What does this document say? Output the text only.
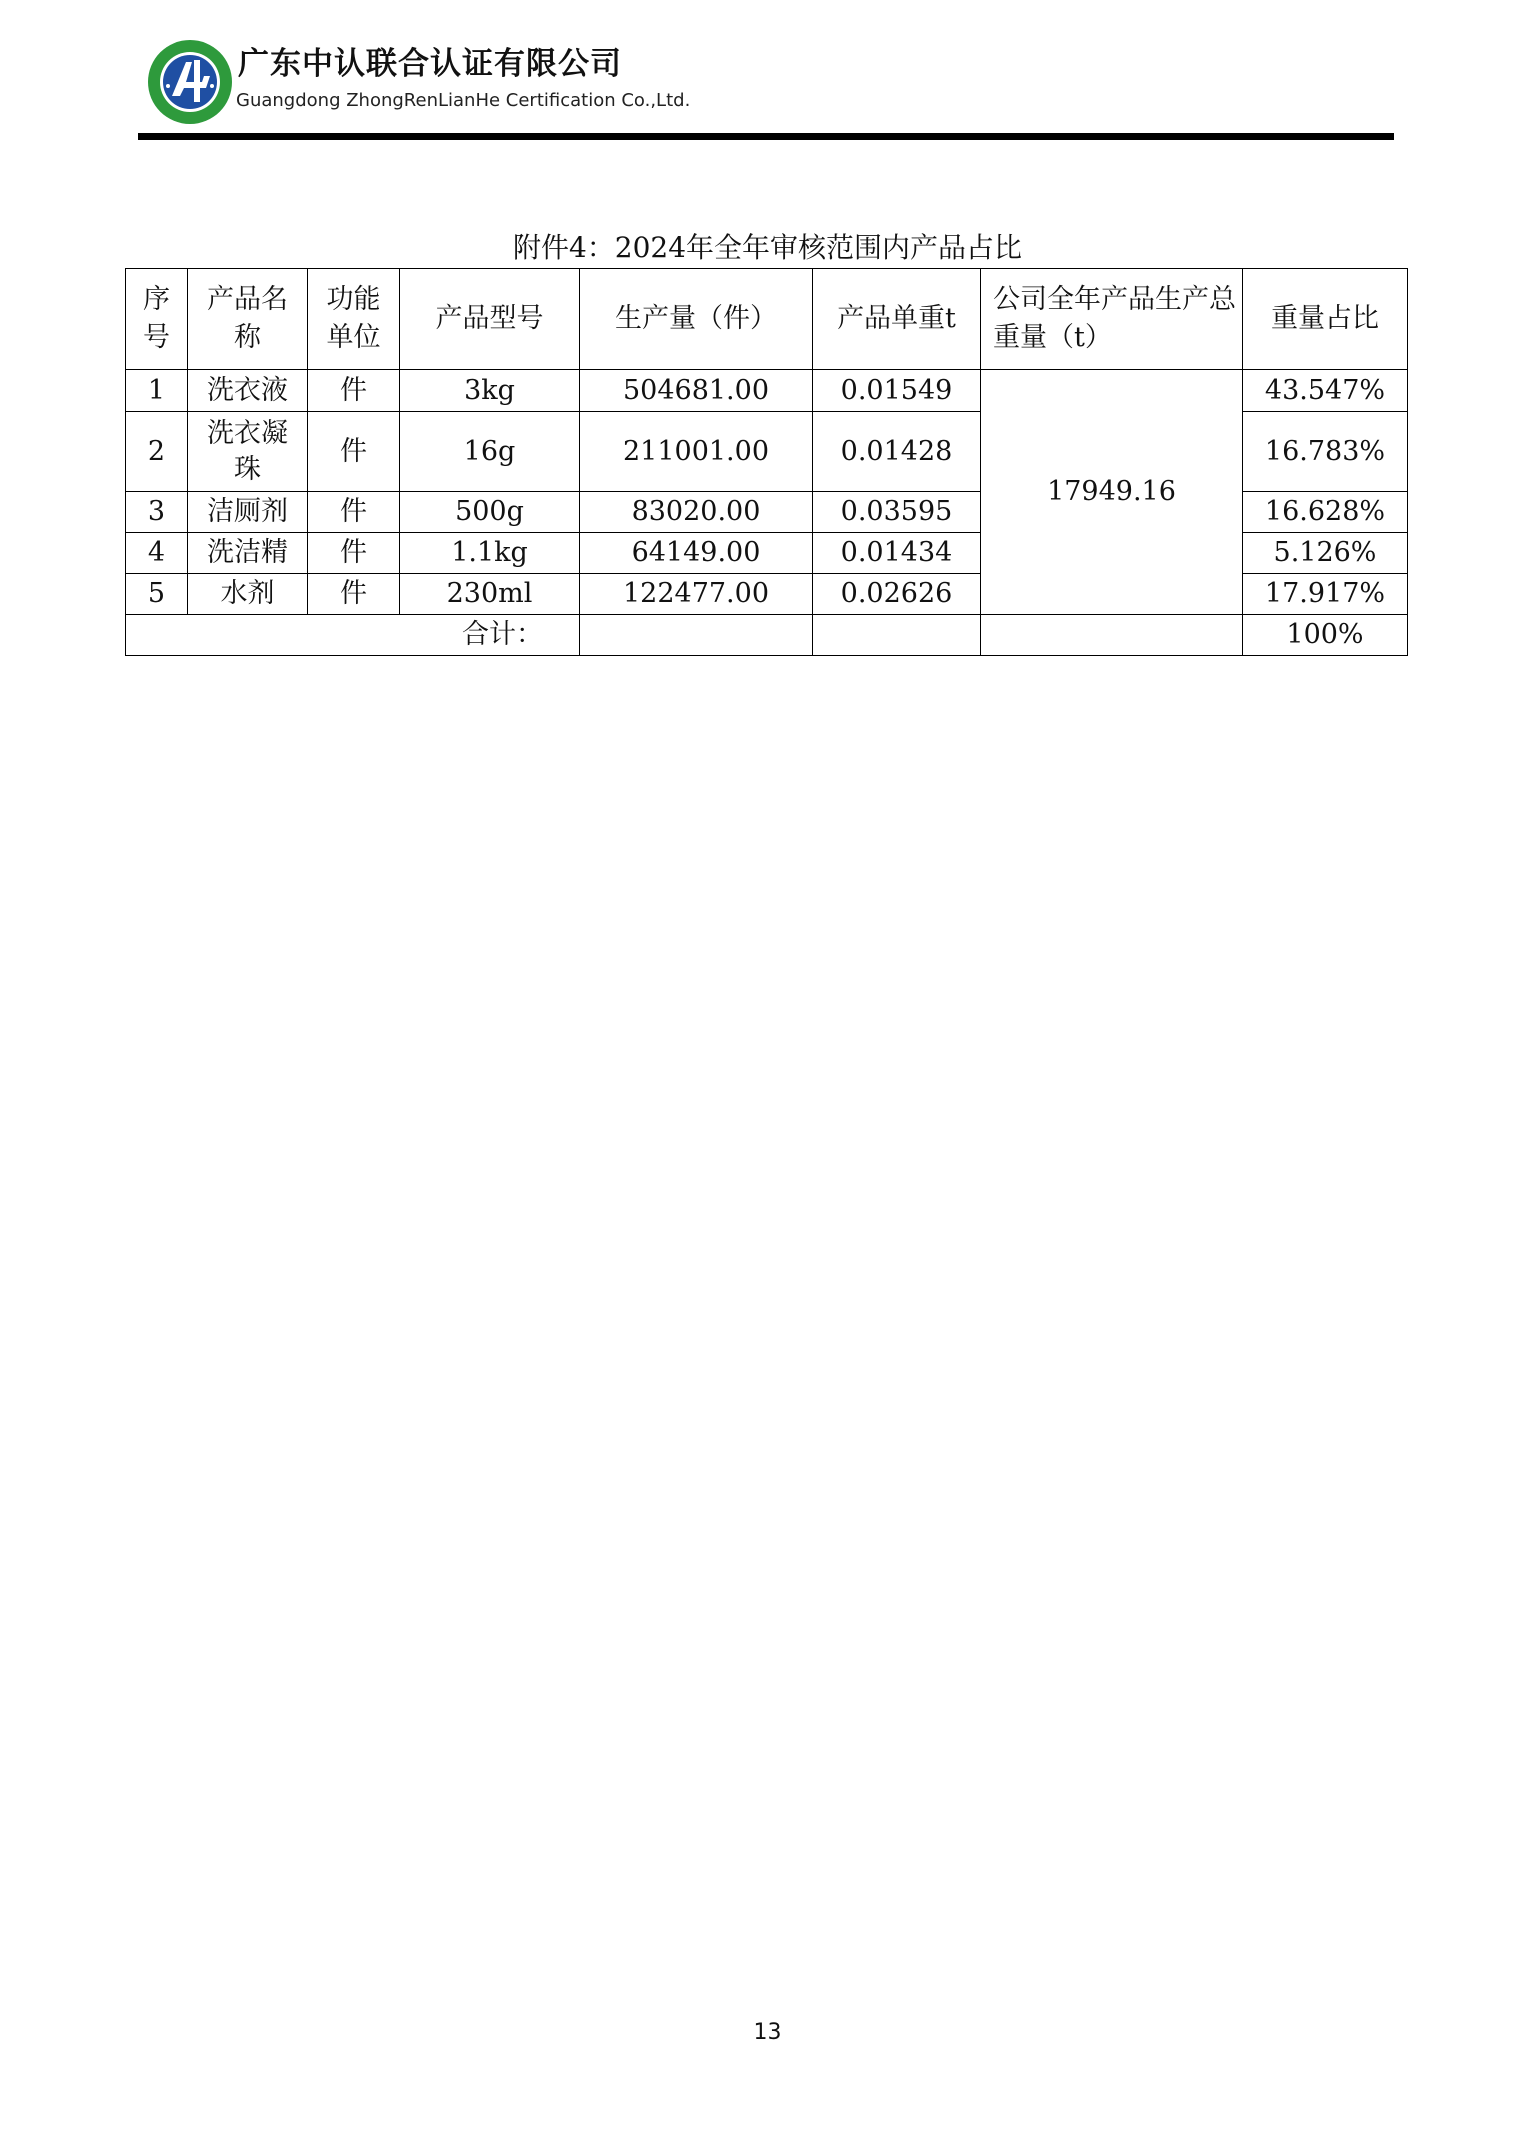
广东中认联合认证有限公司
Guangdong ZhongRenLianHe Certification Co.,Ltd.
附件4：2024年全年审核范围内产品占比
序号	产品名称	功能单位	产品型号	生产量（件）	产品单重t	公司全年产品生产总重量（t）	重量占比
1	洗衣液	件	3kg	504681.00	0.01549	17949.16	43.547%
2	洗衣凝珠	件	16g	211001.00	0.01428		16.783%
3	洁厕剂	件	500g	83020.00	0.03595		16.628%
4	洗洁精	件	1.1kg	64149.00	0.01434		5.126%
5	水剂	件	230ml	122477.00	0.02626		17.917%
合计：							100%
13
